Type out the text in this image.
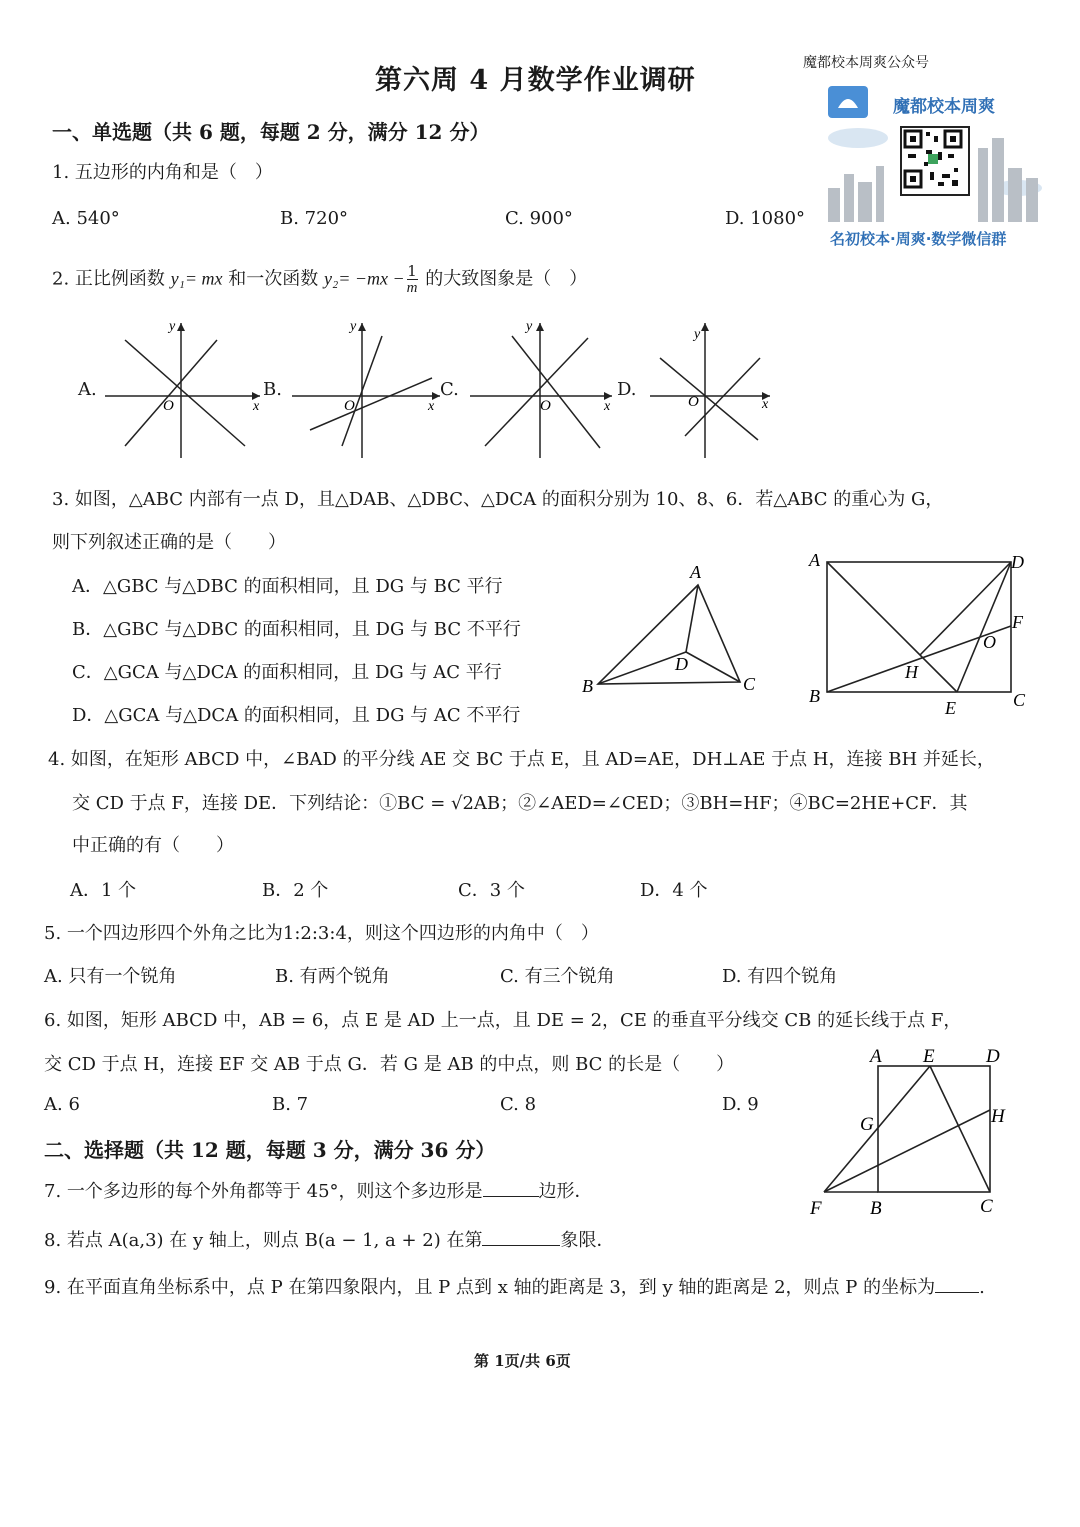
第六周 4 月数学作业调研
魔都校本周爽公众号
魔都校本周爽
名初校本·周爽·数学微信群
一、单选题（共 6 题，每题 2 分，满分 12 分）
1. 五边形的内角和是（　）
A. 540°	B. 720°	C. 900°	D. 1080°
2. 正比例函数 y₁= mx 和一次函数 $y_2= -mx - \frac{1}{m}$ 的大致图象是（　）
A.	B.	C.	D.
x
y
O	x
y
O	x
y
O	x
y
O
3. 如图，△ABC 内部有一点 D，且△DAB、△DBC、△DCA 的面积分别为 10、8、6．若△ABC 的重心为 G，
则下列叙述正确的是（　　）
A．△GBC 与△DBC 的面积相同，且 DG 与 BC 平行
B．△GBC 与△DBC 的面积相同，且 DG 与 BC 不平行
C．△GCA 与△DCA 的面积相同，且 DG 与 AC 平行
D．△GCA 与△DCA 的面积相同，且 DG 与 AC 不平行
A
B	C
D
A
B	C
D
E
F
H
O
4. 如图，在矩形 ABCD 中，∠BAD 的平分线 AE 交 BC 于点 E，且 AD=AE，DH⊥AE 于点 H，连接 BH 并延长，
交 CD 于点 F，连接 DE．下列结论：①BC = √2AB；②∠AED=∠CED；③BH=HF；④BC=2HE+CF．其
中正确的有（　　）
A．1 个	B．2 个	C．3 个	D．4 个
5. 一个四边形四个外角之比为1:2:3:4，则这个四边形的内角中（　）
A. 只有一个锐角	B. 有两个锐角	C. 有三个锐角	D. 有四个锐角
6. 如图，矩形 ABCD 中，AB = 6，点 E 是 AD 上一点，且 DE = 2，CE 的垂直平分线交 CB 的延长线于点 F，
交 CD 于点 H，连接 EF 交 AB 于点 G．若 G 是 AB 的中点，则 BC 的长是（　　）
A. 6	B. 7	C. 8	D. 9
A E	D
G	H
F	B	C
二、选择题（共 12 题，每题 3 分，满分 36 分）
7. 一个多边形的每个外角都等于 45°，则这个多边形是	边形．
8. 若点 A(a,3) 在 y 轴上，则点 B(a − 1, a + 2) 在第	象限．
9. 在平面直角坐标系中，点 P 在第四象限内，且 P 点到 x 轴的距离是 3，到 y 轴的距离是 2，则点 P 的坐标为 .
第 1页/共 6页
